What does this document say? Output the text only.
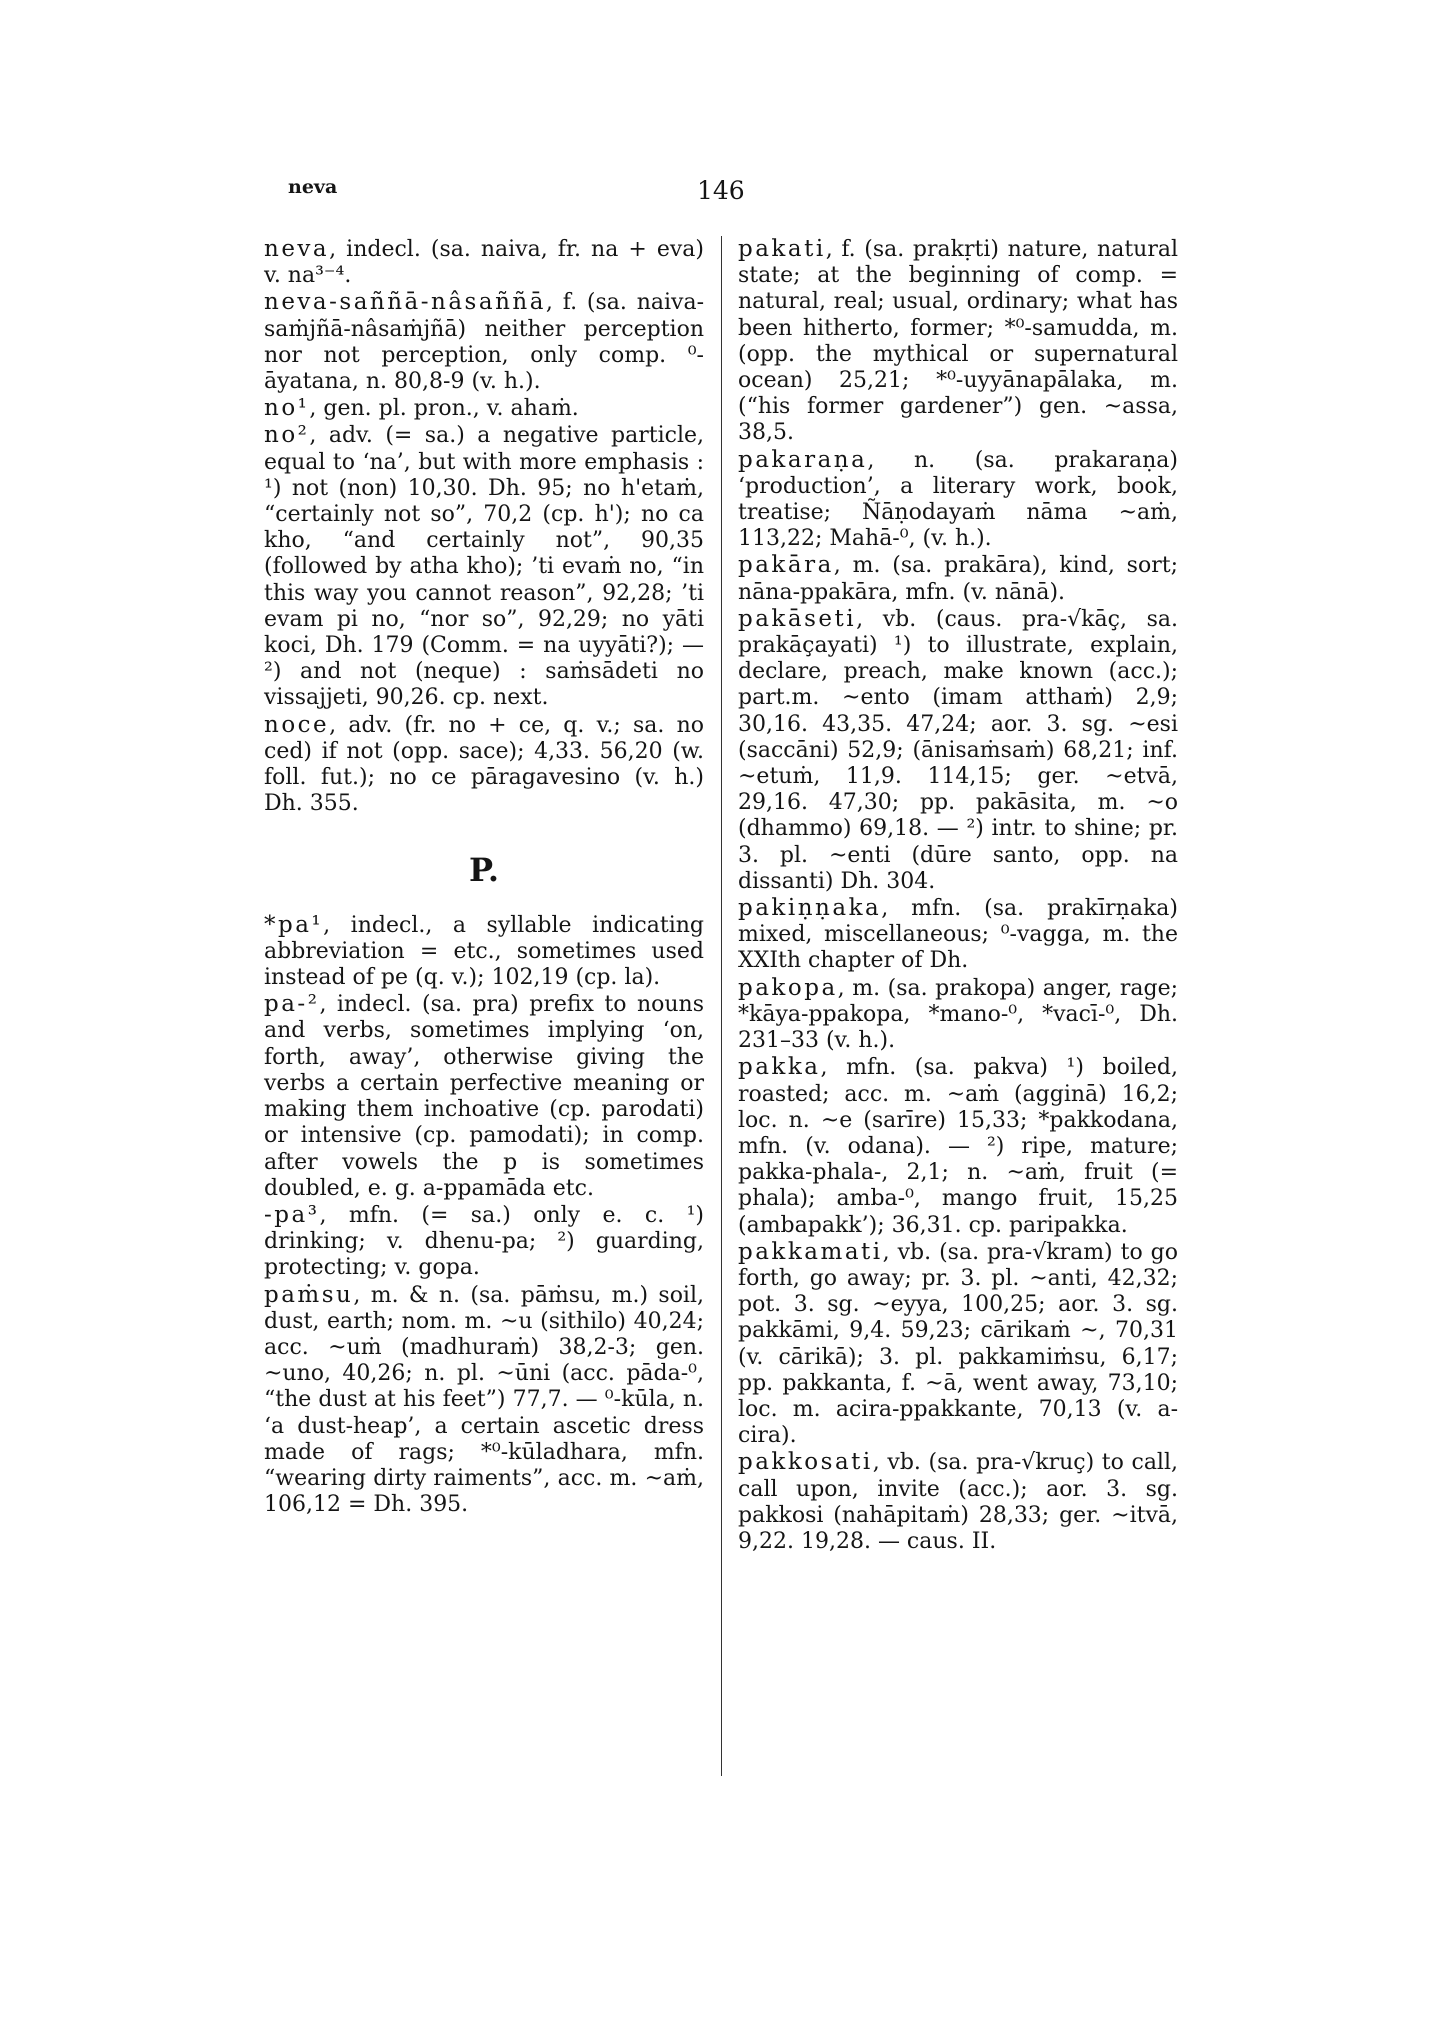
neva	146

neva, indecl. (sa. naiva, fr. na + eva) v. na³⁻⁴.

neva-saññā-nâsaññā, f. (sa. naiva-saṁjñā-nâsaṁjñā) neither perception nor not perception, only comp. ⁰-āyatana, n. 80,8-9 (v. h.).

no¹, gen. pl. pron., v. ahaṁ.

no², adv. (= sa.) a negative particle, equal to ‘na’, but with more emphasis : ¹) not (non) 10,30. Dh. 95; no h'etaṁ, “certainly not so”, 70,2 (cp. h'); no ca kho, “and certainly not”, 90,35 (followed by atha kho); ’ti evaṁ no, “in this way you cannot reason”, 92,28; ’ti evam pi no, “nor so”, 92,29; no yāti koci, Dh. 179 (Comm. = na uyyāti?); — ²) and not (neque) : saṁsādeti no vissajjeti, 90,26. cp. next.

noce, adv. (fr. no + ce, q. v.; sa. no ced) if not (opp. sace); 4,33. 56,20 (w. foll. fut.); no ce pāragavesino (v. h.) Dh. 355.

P.

*pa¹, indecl., a syllable indicating abbreviation = etc., sometimes used instead of pe (q. v.); 102,19 (cp. la).

pa-², indecl. (sa. pra) prefix to nouns and verbs, sometimes implying ‘on, forth, away’, otherwise giving the verbs a certain perfective meaning or making them inchoative (cp. parodati) or intensive (cp. pamodati); in comp. after vowels the p is sometimes doubled, e. g. a-ppamāda etc.

-pa³, mfn. (= sa.) only e. c. ¹) drinking; v. dhenu-pa; ²) guarding, protecting; v. gopa.

paṁsu, m. & n. (sa. pāṁsu, m.) soil, dust, earth; nom. m. ~u (sithilo) 40,24; acc. ~uṁ (madhuraṁ) 38,2-3; gen. ~uno, 40,26; n. pl. ~ūni (acc. pāda-⁰, “the dust at his feet”) 77,7. — ⁰-kūla, n. ‘a dust-heap’, a certain ascetic dress made of rags; *⁰-kūladhara, mfn. “wearing dirty raiments”, acc. m. ~aṁ, 106,12 = Dh. 395.

pakati, f. (sa. prakṛti) nature, natural state; at the beginning of comp. = natural, real; usual, ordinary; what has been hitherto, former; *⁰-samudda, m. (opp. the mythical or supernatural ocean) 25,21; *⁰-uyyānapālaka, m. (“his former gardener”) gen. ~assa, 38,5.

pakaraṇa, n. (sa. prakaraṇa) ‘production’, a literary work, book, treatise; Ñāṇodayaṁ nāma ~aṁ, 113,22; Mahā-⁰, (v. h.).

pakāra, m. (sa. prakāra), kind, sort; nāna-ppakāra, mfn. (v. nānā).

pakāseti, vb. (caus. pra-√kāç, sa. prakāçayati) ¹) to illustrate, explain, declare, preach, make known (acc.); part.m. ~ento (imam atthaṁ) 2,9; 30,16. 43,35. 47,24; aor. 3. sg. ~esi (saccāni) 52,9; (ānisaṁsaṁ) 68,21; inf. ~etuṁ, 11,9. 114,15; ger. ~etvā, 29,16. 47,30; pp. pakāsita, m. ~o (dhammo) 69,18. — ²) intr. to shine; pr. 3. pl. ~enti (dūre santo, opp. na dissanti) Dh. 304.

pakiṇṇaka, mfn. (sa. prakīrṇaka) mixed, miscellaneous; ⁰-vagga, m. the XXIth chapter of Dh.

pakopa, m. (sa. prakopa) anger, rage; *kāya-ppakopa, *mano-⁰, *vacī-⁰, Dh. 231–33 (v. h.).

pakka, mfn. (sa. pakva) ¹) boiled, roasted; acc. m. ~aṁ (agginā) 16,2; loc. n. ~e (sarīre) 15,33; *pakkodana, mfn. (v. odana). — ²) ripe, mature; pakka-phala-, 2,1; n. ~aṁ, fruit (= phala); amba-⁰, mango fruit, 15,25 (ambapakk’); 36,31. cp. paripakka.

pakkamati, vb. (sa. pra-√kram) to go forth, go away; pr. 3. pl. ~anti, 42,32; pot. 3. sg. ~eyya, 100,25; aor. 3. sg. pakkāmi, 9,4. 59,23; cārikaṁ ~, 70,31 (v. cārikā); 3. pl. pakkamiṁsu, 6,17; pp. pakkanta, f. ~ā, went away, 73,10; loc. m. acira-ppakkante, 70,13 (v. a-cira).

pakkosati, vb. (sa. pra-√kruç) to call, call upon, invite (acc.); aor. 3. sg. pakkosi (nahāpitaṁ) 28,33; ger. ~itvā, 9,22. 19,28. — caus. II.
